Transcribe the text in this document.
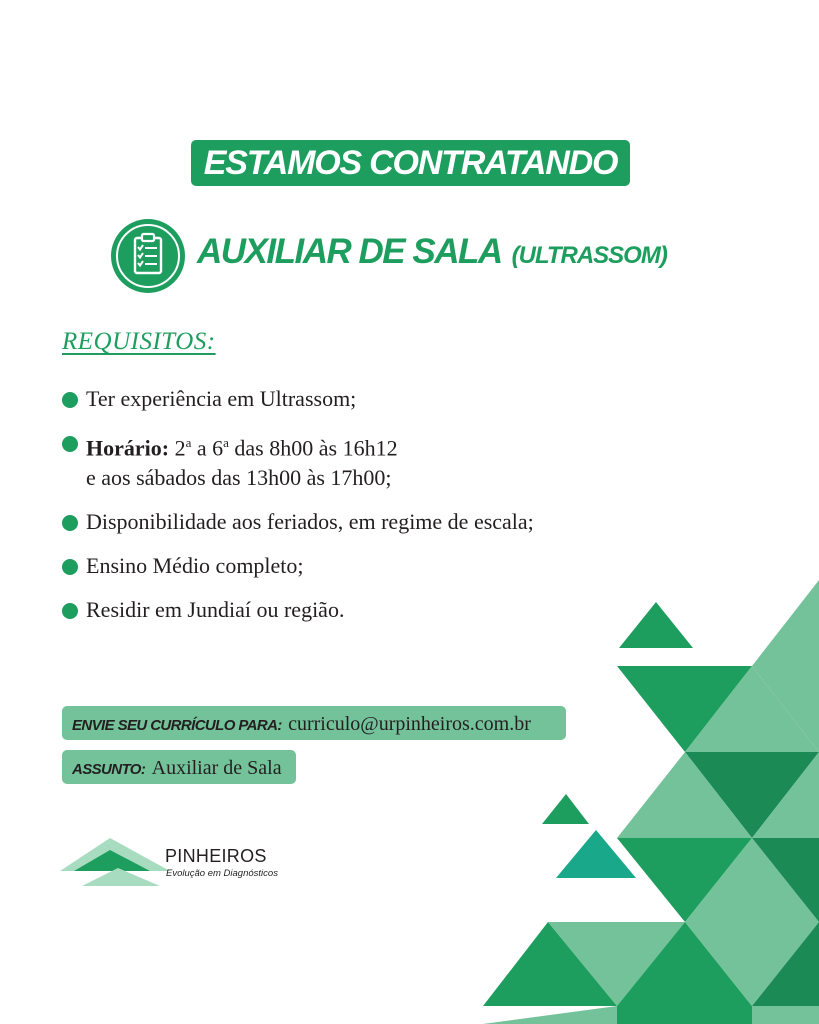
ESTAMOS CONTRATANDO
AUXILIAR DE SALA (ULTRASSOM)
REQUISITOS:
Ter experiência em Ultrassom;
Horário: 2$^a$ a 6$^a$ das 8h00 às 16h12
e aos sábados das 13h00 às 17h00;
Disponibilidade aos feriados, em regime de escala;
Ensino Médio completo;
Residir em Jundiaí ou região.
ENVIE SEU CURRÍCULO PARA: curriculo@urpinheiros.com.br
ASSUNTO: Auxiliar de Sala
PINHEIROS
Evolução em Diagnósticos
